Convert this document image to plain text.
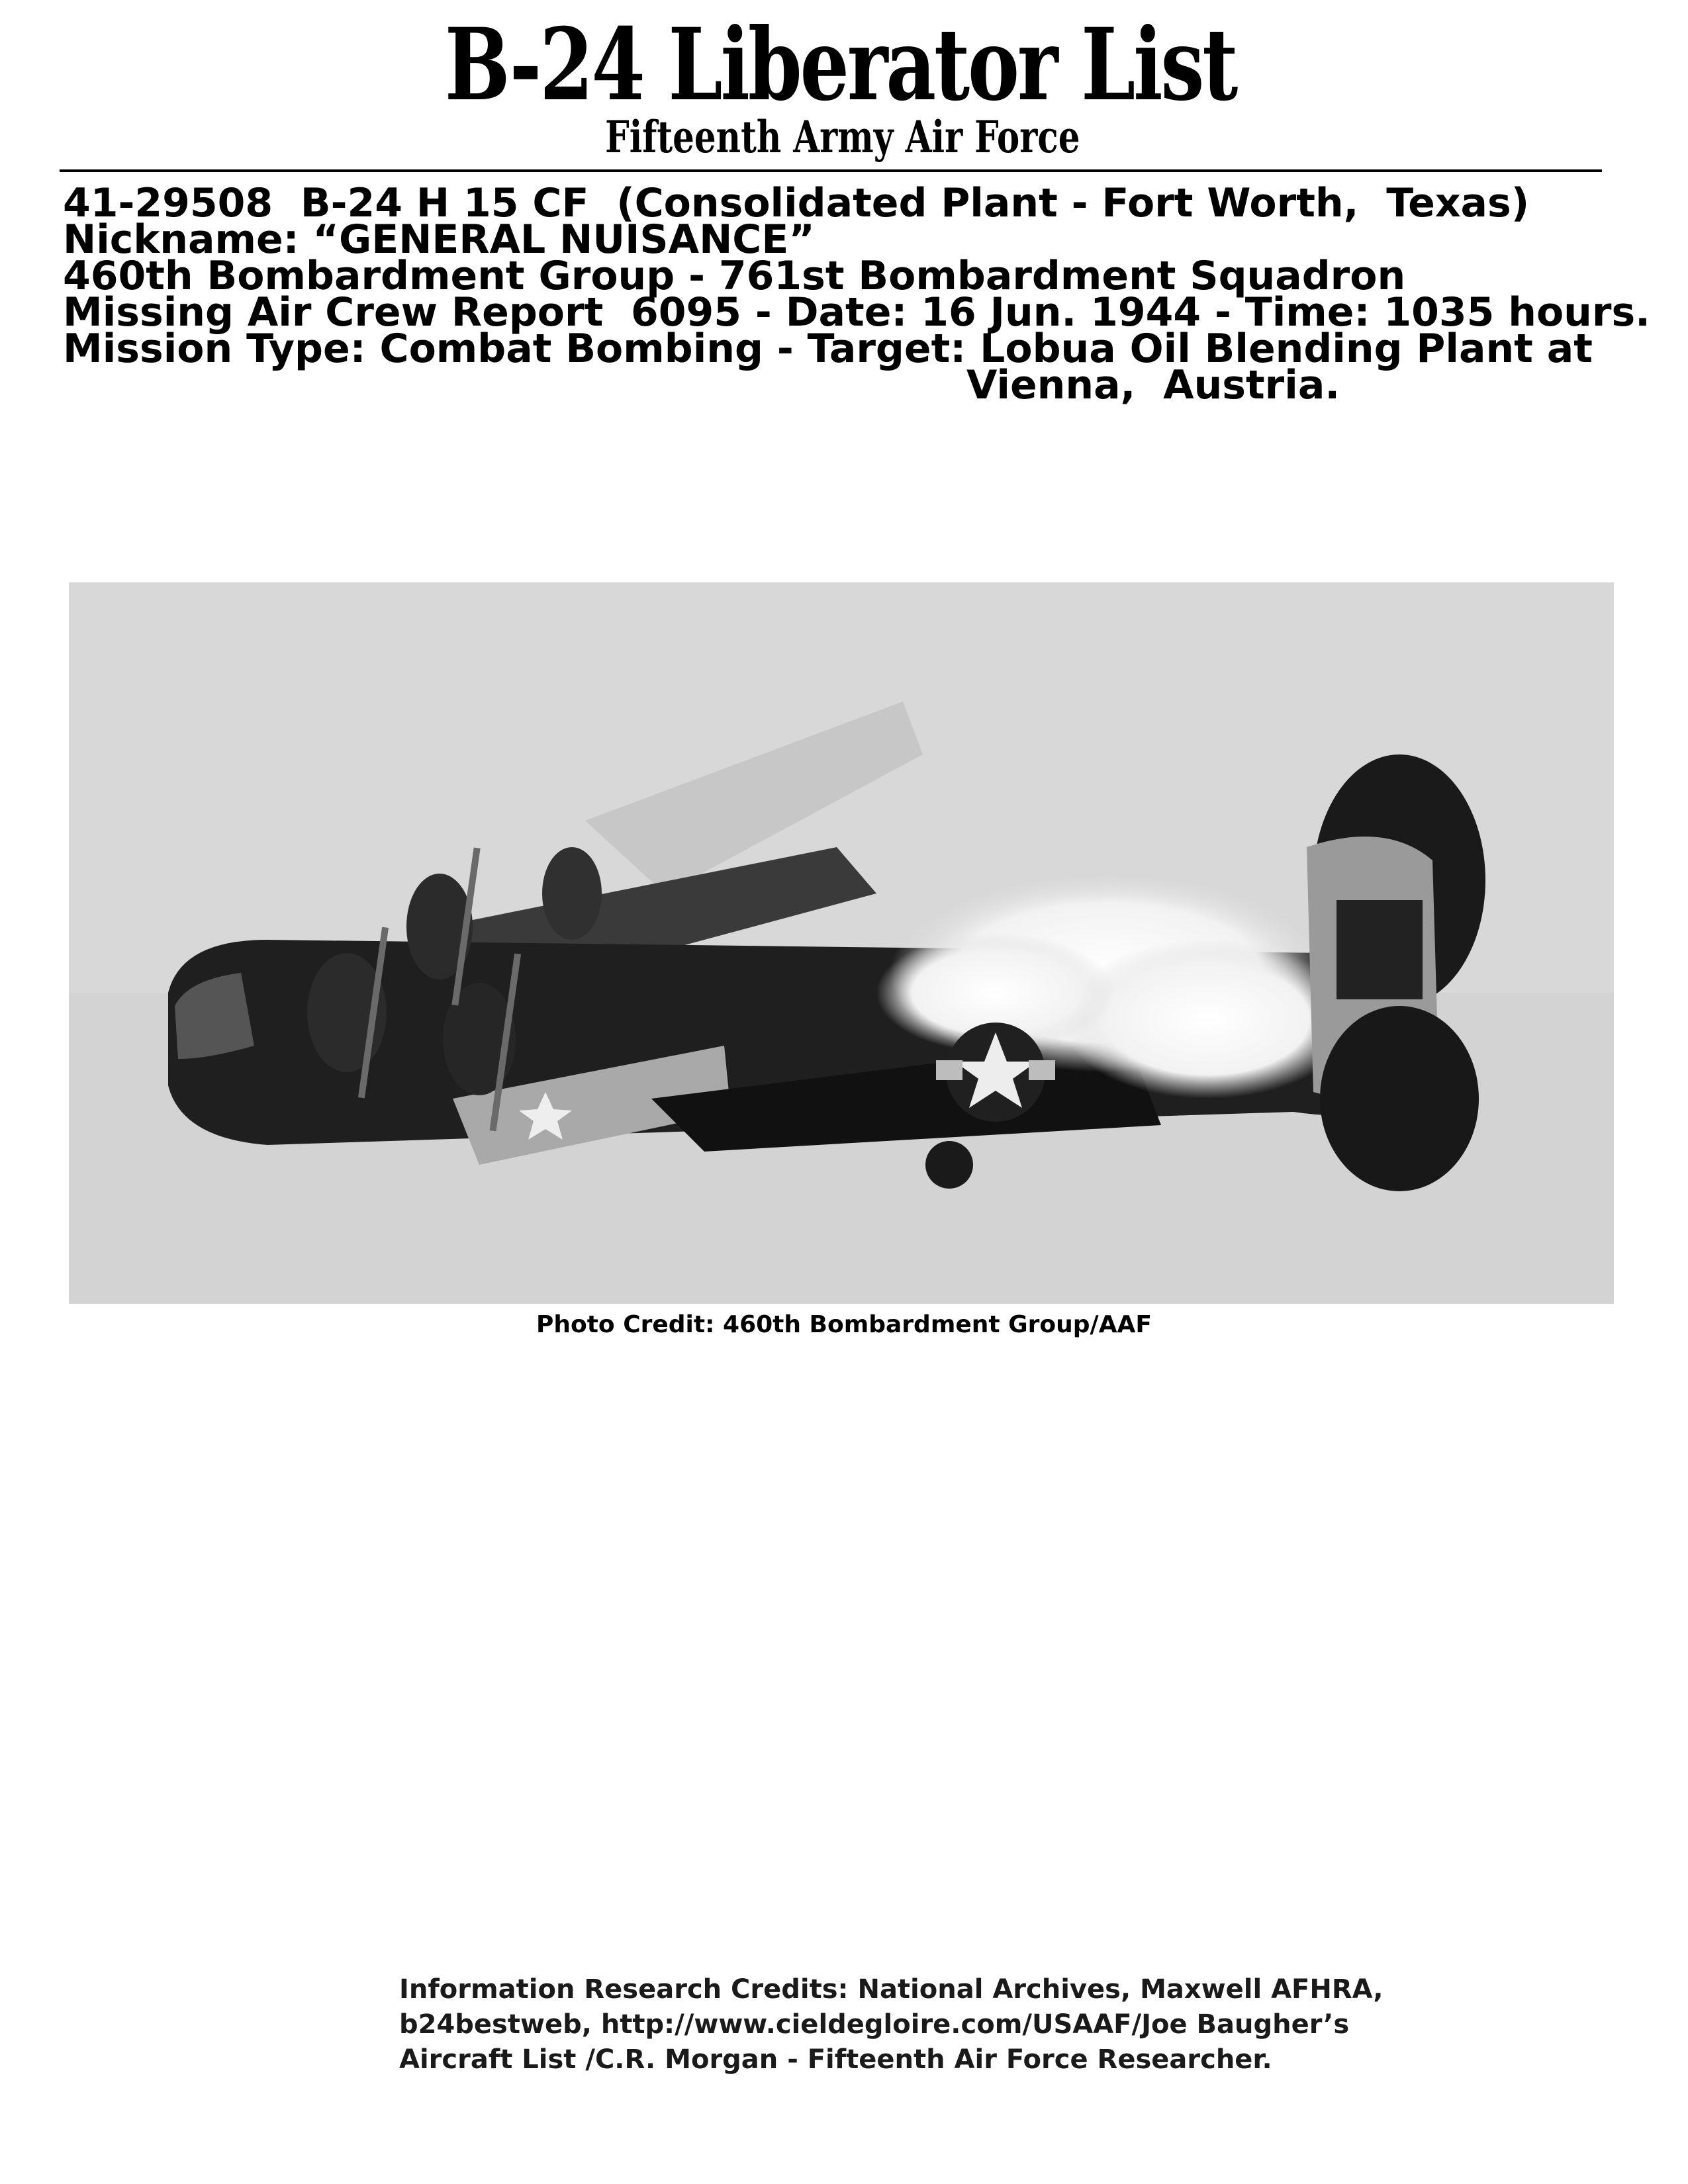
B-24 Liberator List
Fifteenth Army Air Force
41-29508  B-24 H 15 CF  (Consolidated Plant - Fort Worth,  Texas)
Nickname: “GENERAL NUISANCE”
460th Bombardment Group - 761st Bombardment Squadron
Missing Air Crew Report  6095 - Date: 16 Jun. 1944 - Time: 1035 hours.
Mission Type: Combat Bombing - Target: Lobua Oil Blending Plant at
Vienna,  Austria.
Photo Credit: 460th Bombardment Group/AAF
Information Research Credits: National Archives, Maxwell AFHRA,
b24bestweb, http://www.cieldegloire.com/USAAF/Joe Baugher’s
Aircraft List /C.R. Morgan - Fifteenth Air Force Researcher.
